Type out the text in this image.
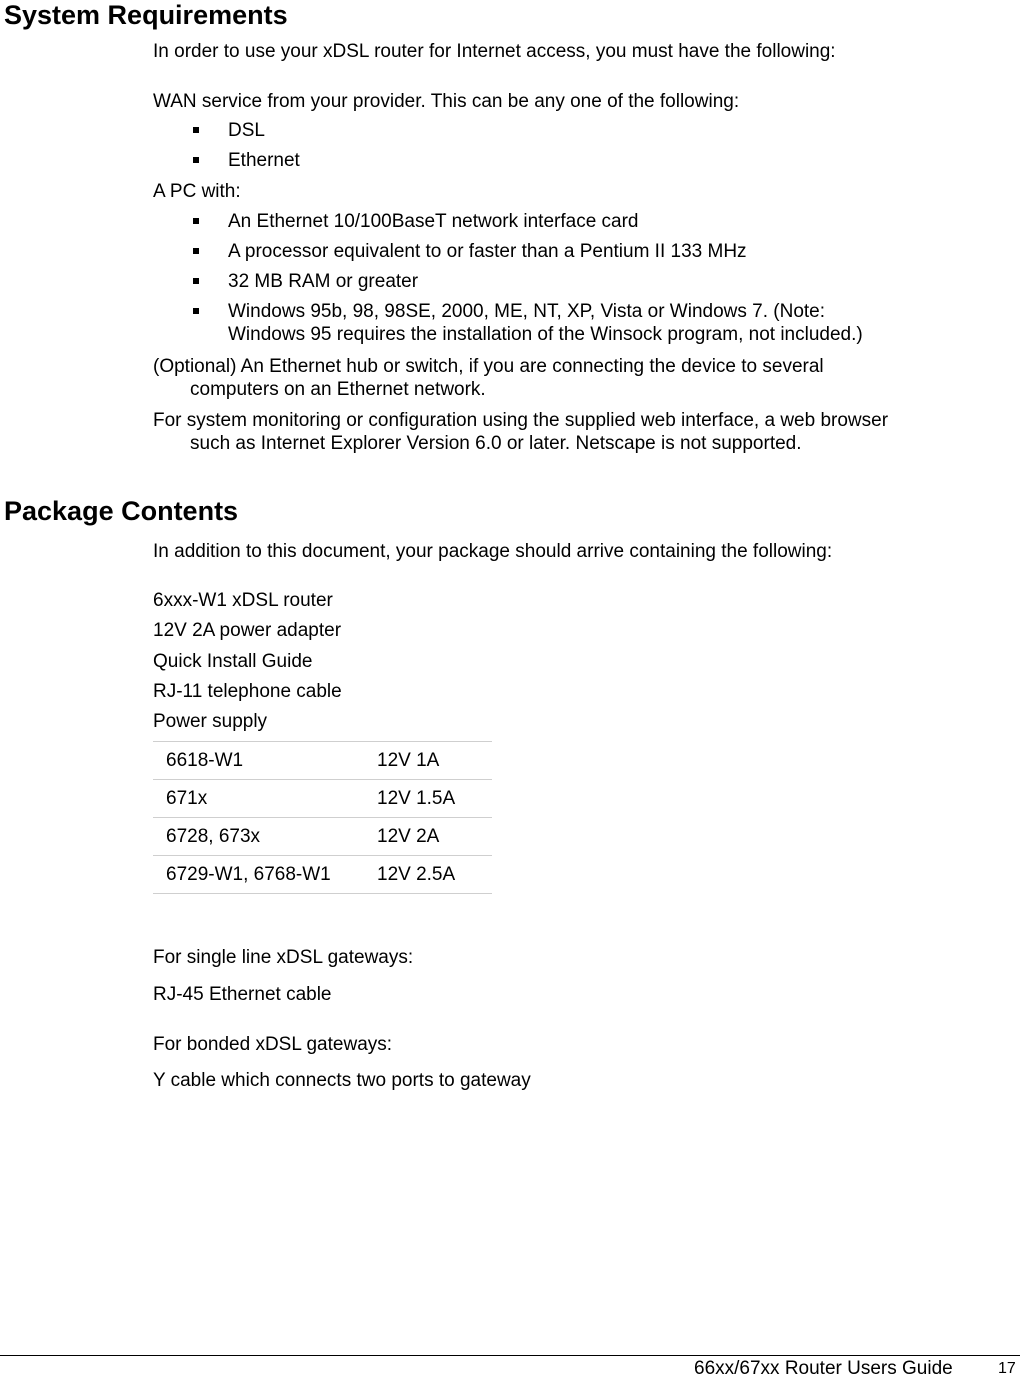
System Requirements
In order to use your xDSL router for Internet access, you must have the following:
WAN service from your provider. This can be any one of the following:
DSL
Ethernet
A PC with:
An Ethernet 10/100BaseT network interface card
A processor equivalent to or faster than a Pentium II 133 MHz
32 MB RAM or greater
Windows 95b, 98, 98SE, 2000, ME, NT, XP, Vista or Windows 7. (Note:
Windows 95 requires the installation of the Winsock program, not included.)
(Optional) An Ethernet hub or switch, if you are connecting the device to several
computers on an Ethernet network.
For system monitoring or configuration using the supplied web interface, a web browser
such as Internet Explorer Version 6.0 or later. Netscape is not supported.
Package Contents
In addition to this document, your package should arrive containing the following:
6xxx-W1 xDSL router
12V 2A power adapter
Quick Install Guide
RJ-11 telephone cable
Power supply
6618-W1	12V 1A
671x	12V 1.5A
6728, 673x	12V 2A
6729-W1, 6768-W1	12V 2.5A
For single line xDSL gateways:
RJ-45 Ethernet cable
For bonded xDSL gateways:
Y cable which connects two ports to gateway
66xx/67xx Router Users Guide	17
